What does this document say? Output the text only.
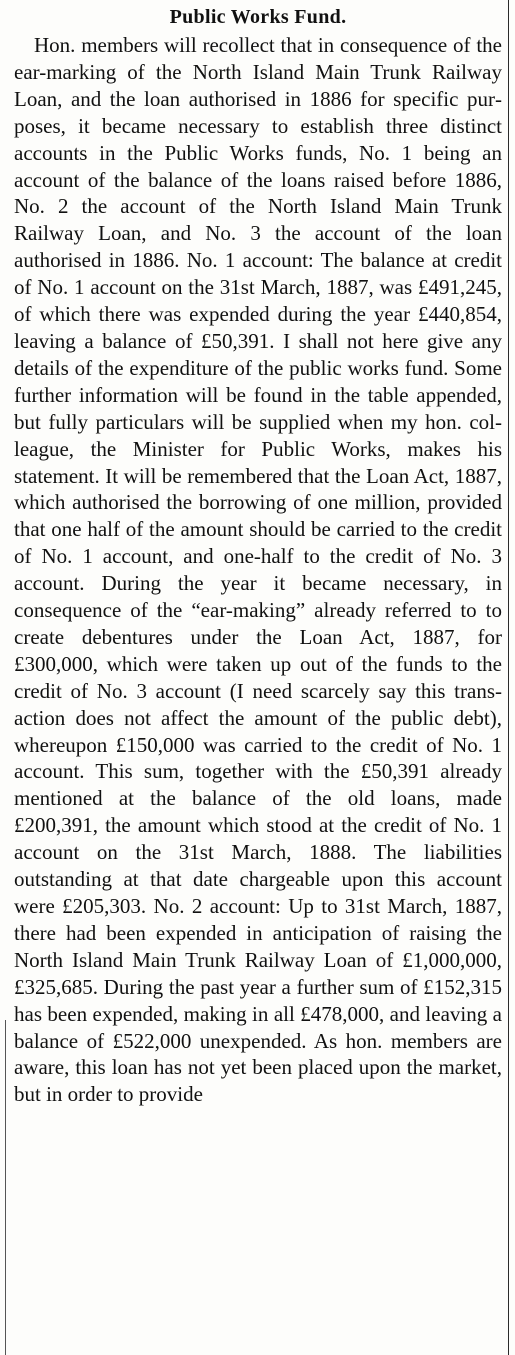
Public Works Fund.

Hon. members will recollect that in consequence of the ear-marking of the North Island Main Trunk Railway Loan, and the loan authorised in 1886 for specific purposes, it became necessary to establish three distinct accounts in the Public Works funds, No. 1 being an account of the balance of the loans raised before 1886, No. 2 the account of the North Island Main Trunk Railway Loan, and No. 3 the account of the loan authorised in 1886. No. 1 account: The balance at credit of No. 1 account on the 31st March, 1887, was £491,245, of which there was expended during the year £440,854, leaving a balance of £50,391. I shall not here give any details of the expenditure of the public works fund. Some further information will be found in the table appended, but fully particulars will be supplied when my hon. colleague, the Minister for Public Works, makes his statement. It will be remembered that the Loan Act, 1887, which authorised the borrowing of one million, provided that one half of the amount should be carried to the credit of No. 1 account, and one-half to the credit of No. 3 account. During the year it became necessary, in consequence of the “ear-making” already referred to to create debentures under the Loan Act, 1887, for £300,000, which were taken up out of the funds to the credit of No. 3 account (I need scarcely say this transaction does not affect the amount of the public debt), whereupon £150,000 was carried to the credit of No. 1 account. This sum, together with the £50,391 already mentioned at the balance of the old loans, made £200,391, the amount which stood at the credit of No. 1 account on the 31st March, 1888. The liabilities outstanding at that date chargeable upon this account were £205,303. No. 2 account: Up to 31st March, 1887, there had been expended in anticipation of raising the North Island Main Trunk Railway Loan of £1,000,000, £325,685. During the past year a further sum of £152,315 has been expended, making in all £478,000, and leaving a balance of £522,000 unexpended. As hon. members are aware, this loan has not yet been placed upon the market, but in order to provide
